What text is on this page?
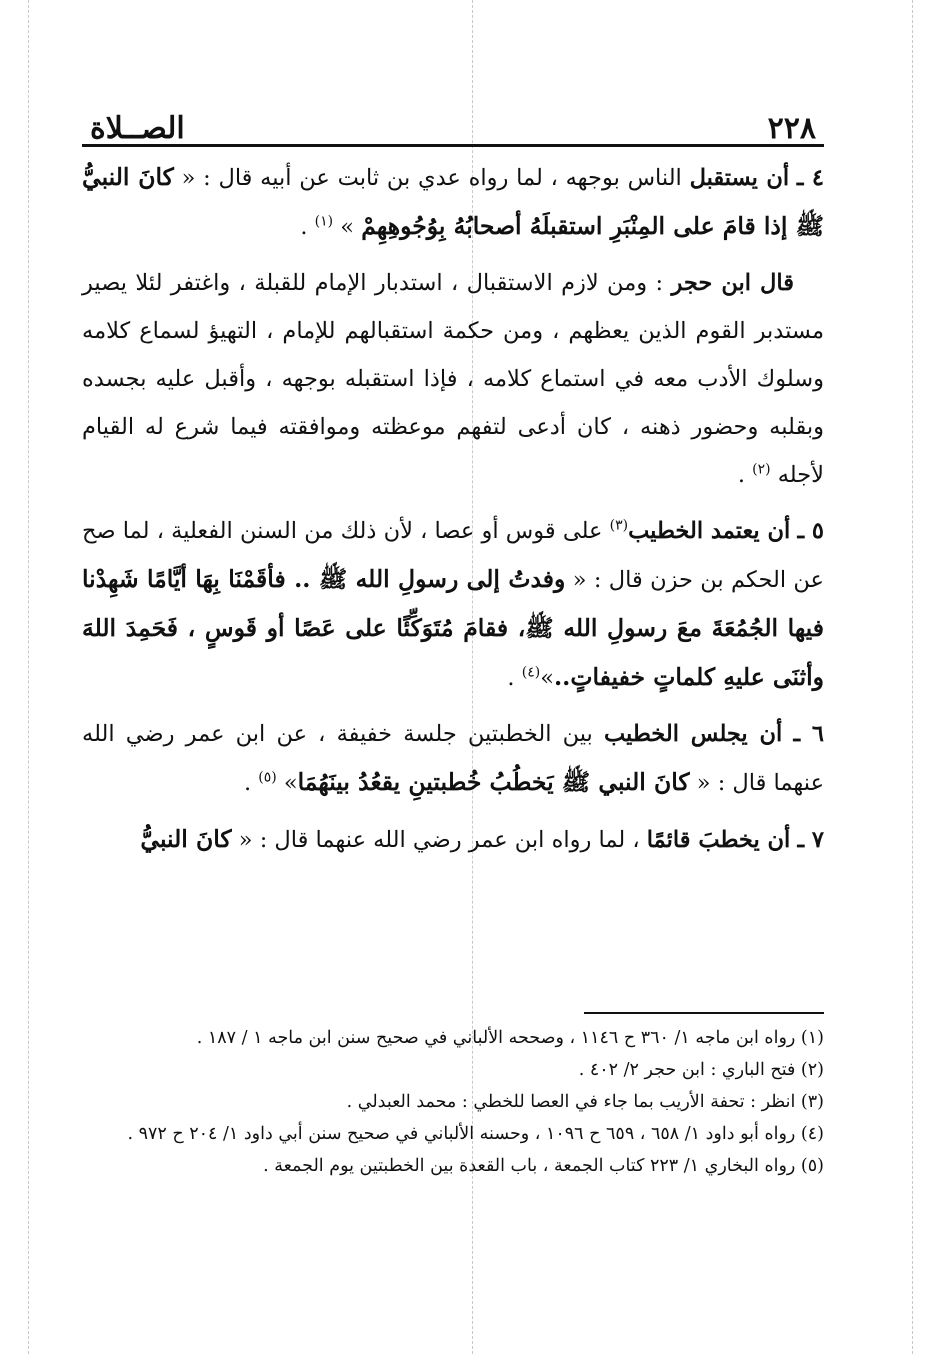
٢٢٨
الصــلاة

٤ ـ أن يستقبل الناس بوجهه ، لما رواه عدي بن ثابت عن أبيه قال : « كانَ النبيُّ ﷺ إذا قامَ على المِنْبَرِ استقبلَهُ أصحابُهُ بِوُجُوهِهِمْ » $^{(١)}$ .

قال ابن حجر : ومن لازم الاستقبال ، استدبار الإمام للقبلة ، واغتفر لئلا يصير مستدبر القوم الذين يعظهم ، ومن حكمة استقبالهم للإمام ، التهيؤ لسماع كلامه وسلوك الأدب معه في استماع كلامه ، فإذا استقبله بوجهه ، وأقبل عليه بجسده وبقلبه وحضور ذهنه ، كان أدعى لتفهم موعظته وموافقته فيما شرع له القيام لأجله $^{(٢)}$ .

٥ ـ أن يعتمد الخطيب$^{(٣)}$ على قوس أو عصا ، لأن ذلك من السنن الفعلية ، لما صح عن الحكم بن حزن قال : « وفدتُ إلى رسولِ الله ﷺ .. فأقَمْنَا بِهَا أيَّامًا شَهِدْنا فيها الجُمُعَةَ معَ رسولِ الله ﷺ، فقامَ مُتَوَكِّئًا على عَصًا أو قَوسٍ ، فَحَمِدَ اللهَ وأثنَى عليهِ كلماتٍ خفيفاتٍ..»$^{(٤)}$ .

٦ ـ أن يجلس الخطيب بين الخطبتين جلسة خفيفة ، عن ابن عمر رضي الله عنهما قال : « كانَ النبي ﷺ يَخطُبُ خُطبتينِ يقعُدُ بينَهُمَا» $^{(٥)}$ .

٧ ـ أن يخطبَ قائمًا ، لما رواه ابن عمر رضي الله عنهما قال : « كانَ النبيُّ

(١) رواه ابن ماجه ١/ ٣٦٠ ح ١١٤٦ ، وصححه الألباني في صحيح سنن ابن ماجه ١ / ١٨٧ .

(٢) فتح الباري : ابن حجر ٢/ ٤٠٢ .

(٣) انظر : تحفة الأريب بما جاء في العصا للخطي : محمد العبدلي .

(٤) رواه أبو داود ١/ ٦٥٨ ، ٦٥٩ ح ١٠٩٦ ، وحسنه الألباني في صحيح سنن أبي داود ١/ ٢٠٤ ح ٩٧٢ .

(٥) رواه البخاري ١/ ٢٢٣ كتاب الجمعة ، باب القعدة بين الخطبتين يوم الجمعة .
